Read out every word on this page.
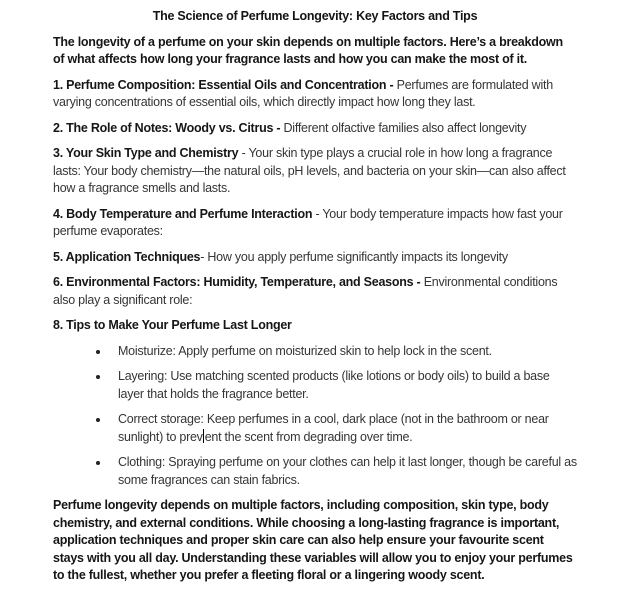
The Science of Perfume Longevity: Key Factors and Tips

The longevity of a perfume on your skin depends on multiple factors. Here’s a breakdown of what affects how long your fragrance lasts and how you can make the most of it.

1. Perfume Composition: Essential Oils and Concentration - Perfumes are formulated with varying concentrations of essential oils, which directly impact how long they last.

2. The Role of Notes: Woody vs. Citrus - Different olfactive families also affect longevity

3. Your Skin Type and Chemistry - Your skin type plays a crucial role in how long a fragrance lasts: Your body chemistry—the natural oils, pH levels, and bacteria on your skin—can also affect how a fragrance smells and lasts.

4. Body Temperature and Perfume Interaction - Your body temperature impacts how fast your perfume evaporates:

5. Application Techniques- How you apply perfume significantly impacts its longevity

6. Environmental Factors: Humidity, Temperature, and Seasons - Environmental conditions also play a significant role:

8. Tips to Make Your Perfume Last Longer

Moisturize: Apply perfume on moisturized skin to help lock in the scent.
Layering: Use matching scented products (like lotions or body oils) to build a base layer that holds the fragrance better.
Correct storage: Keep perfumes in a cool, dark place (not in the bathroom or near sunlight) to prev ent the scent from degrading over time.
Clothing: Spraying perfume on your clothes can help it last longer, though be careful as some fragrances can stain fabrics.

Perfume longevity depends on multiple factors, including composition, skin type, body chemistry, and external conditions. While choosing a long-lasting fragrance is important, application techniques and proper skin care can also help ensure your favourite scent stays with you all day. Understanding these variables will allow you to enjoy your perfumes to the fullest, whether you prefer a fleeting floral or a lingering woody scent.
